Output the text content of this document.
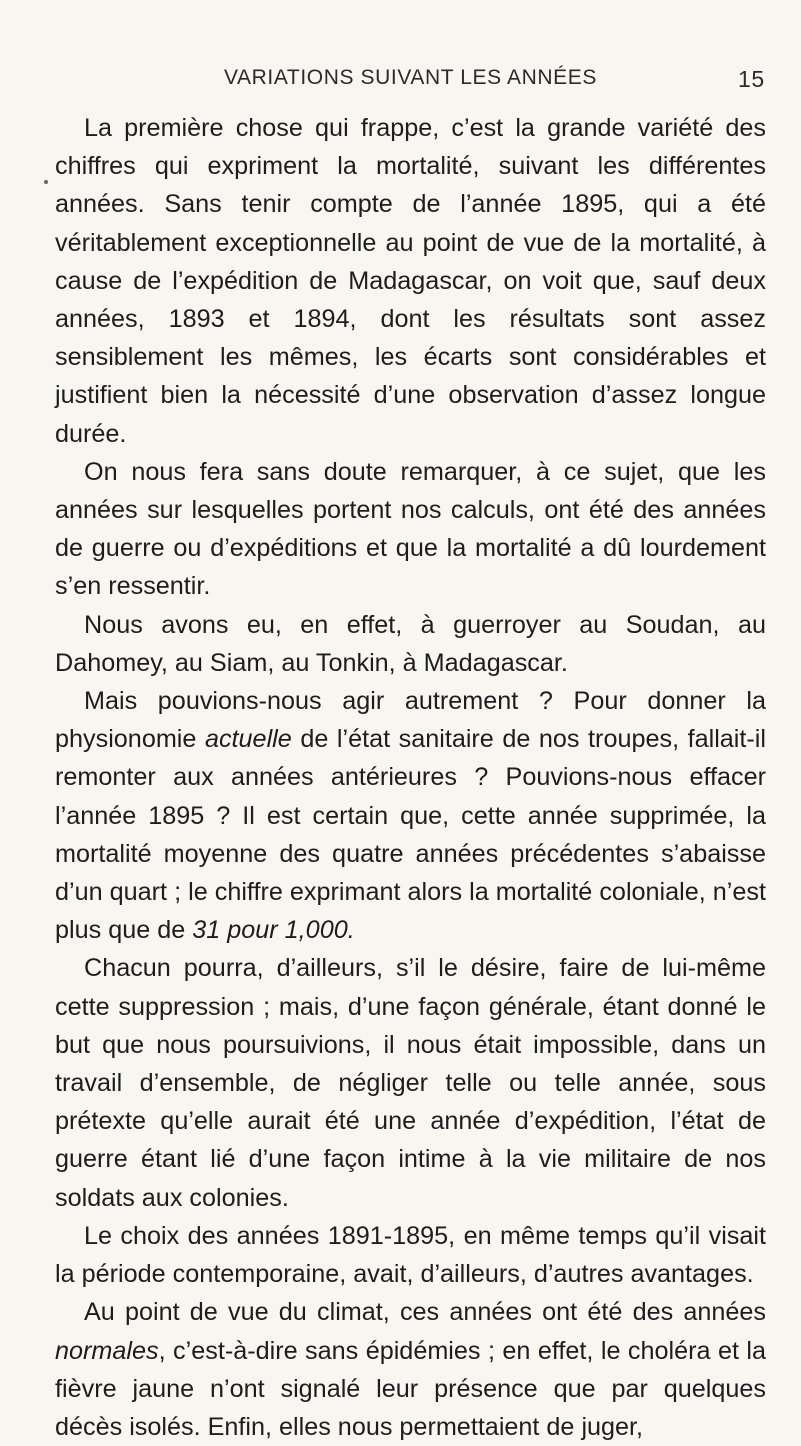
VARIATIONS SUIVANT LES ANNÉES	15

La première chose qui frappe, c’est la grande variété des chiffres qui expriment la mortalité, suivant les différentes années. Sans tenir compte de l’année 1895, qui a été véritablement exceptionnelle au point de vue de la mortalité, à cause de l’expédition de Madagascar, on voit que, sauf deux années, 1893 et 1894, dont les résultats sont assez sensiblement les mêmes, les écarts sont considérables et justifient bien la nécessité d’une observation d’assez longue durée.

On nous fera sans doute remarquer, à ce sujet, que les années sur lesquelles portent nos calculs, ont été des années de guerre ou d’expéditions et que la mortalité a dû lourdement s’en ressentir.

Nous avons eu, en effet, à guerroyer au Soudan, au Dahomey, au Siam, au Tonkin, à Madagascar.

Mais pouvions-nous agir autrement ? Pour donner la physionomie actuelle de l’état sanitaire de nos troupes, fallait-il remonter aux années antérieures ? Pouvions-nous effacer l’année 1895 ? Il est certain que, cette année supprimée, la mortalité moyenne des quatre années précédentes s’abaisse d’un quart ; le chiffre exprimant alors la mortalité coloniale, n’est plus que de 31 pour 1,000.

Chacun pourra, d’ailleurs, s’il le désire, faire de lui-même cette suppression ; mais, d’une façon générale, étant donné le but que nous poursuivions, il nous était impossible, dans un travail d’ensemble, de négliger telle ou telle année, sous prétexte qu’elle aurait été une année d’expédition, l’état de guerre étant lié d’une façon intime à la vie militaire de nos soldats aux colonies.

Le choix des années 1891-1895, en même temps qu’il visait la période contemporaine, avait, d’ailleurs, d’autres avantages.

Au point de vue du climat, ces années ont été des années normales, c’est-à-dire sans épidémies ; en effet, le choléra et la fièvre jaune n’ont signalé leur présence que par quelques décès isolés. Enfin, elles nous permettaient de juger,
